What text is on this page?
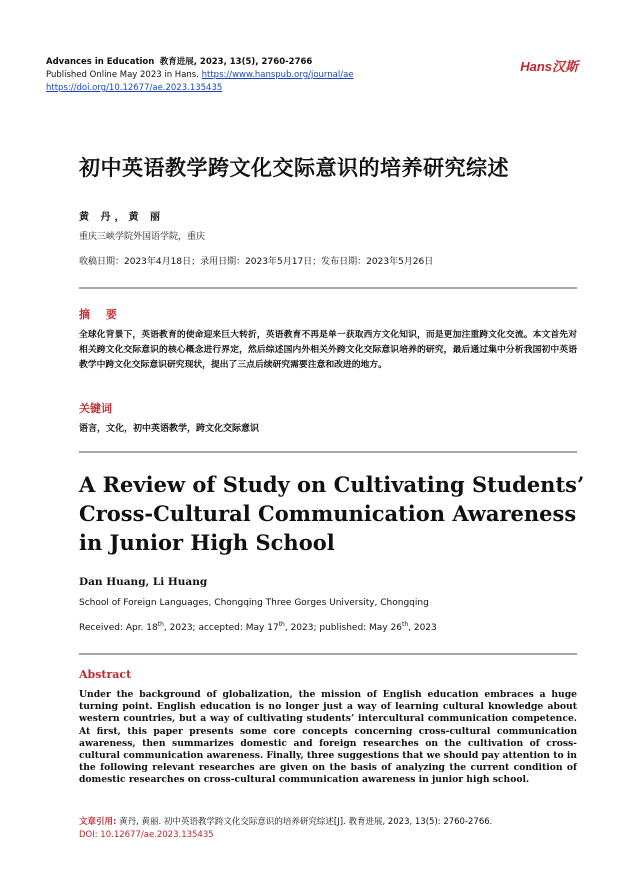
Advances in Education 教育进展, 2023, 13(5), 2760-2766
Published Online May 2023 in Hans. https://www.hanspub.org/journal/ae
https://doi.org/10.12677/ae.2023.135435
Hans汉斯
初中英语教学跨文化交际意识的培养研究综述
黄 丹，黄 丽
重庆三峡学院外国语学院，重庆
收稿日期：2023年4月18日；录用日期：2023年5月17日；发布日期：2023年5月26日
摘 要
全球化背景下，英语教育的使命迎来巨大转折，英语教育不再是单一获取西方文化知识，而是更加注重跨文化交流。本文首先对相关跨文化交际意识的核心概念进行界定，然后综述国内外相关外跨文化交际意识培养的研究，最后通过集中分析我国初中英语教学中跨文化交际意识研究现状，提出了三点后续研究需要注意和改进的地方。
关键词
语言，文化，初中英语教学，跨文化交际意识
A Review of Study on Cultivating Students’ Cross-Cultural Communication Awareness in Junior High School
Dan Huang, Li Huang
School of Foreign Languages, Chongqing Three Gorges University, Chongqing
Received: Apr. 18th, 2023; accepted: May 17th, 2023; published: May 26th, 2023
Abstract
Under the background of globalization, the mission of English education embraces a huge turning point. English education is no longer just a way of learning cultural knowledge about western countries, but a way of cultivating students’ intercultural communication competence. At first, this paper presents some core concepts concerning cross-cultural communication awareness, then summarizes domestic and foreign researches on the cultivation of cross-cultural communication awareness. Finally, three suggestions that we should pay attention to in the following relevant researches are given on the basis of analyzing the current condition of domestic researches on cross-cultural communication awareness in junior high school.
文章引用: 黄丹, 黄丽. 初中英语教学跨文化交际意识的培养研究综述[J]. 教育进展, 2023, 13(5): 2760-2766.
DOI: 10.12677/ae.2023.135435
